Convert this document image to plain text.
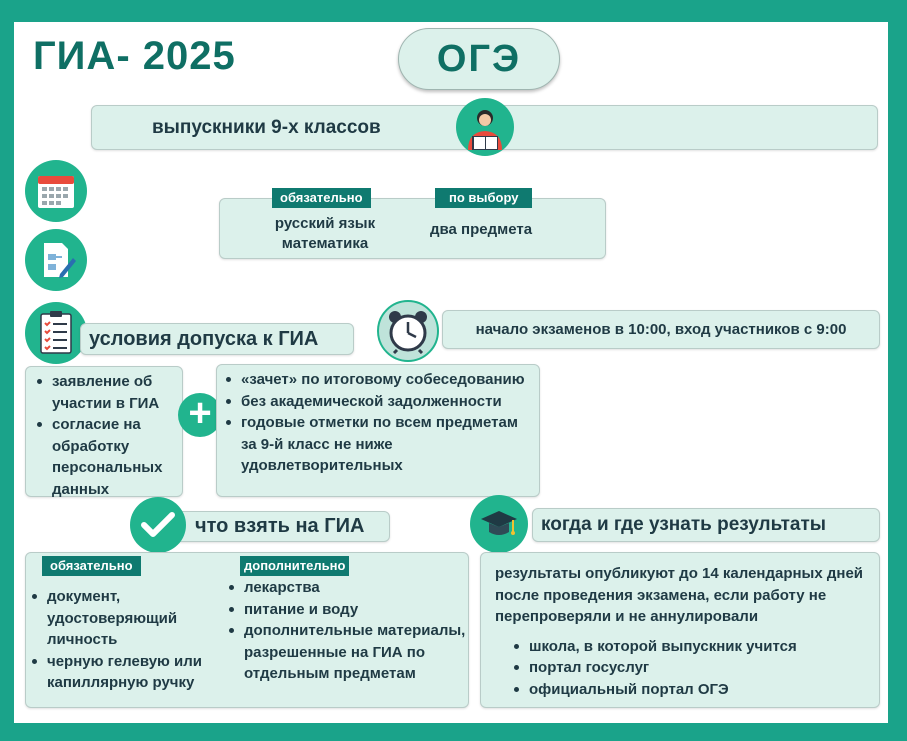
ГИА- 2025	ОГЭ
выпускники 9-х классов
обязательно	по выбору
русский язык
математика
два предмета
условия допуска к ГИА	начало экзаменов в 10:00, вход участников с 9:00
заявление об участии в ГИА
согласие на обработку персональных данных
+
«зачет» по итоговому собеседованию
без академической задолженности
годовые отметки по всем предметам за 9-й класс не ниже удовлетворительных
что взять на ГИА
обязательно	дополнительно
документ, удостоверяющий личность
черную гелевую или капиллярную ручку
лекарства
питание и воду
дополнительные материалы, разрешенные на ГИА по отдельным предметам
когда и где узнать результаты
результаты опубликуют до 14 календарных дней после проведения экзамена, если работу не перепроверяли и не аннулировали
школа, в которой выпускник учится
портал госуслуг
официальный портал ОГЭ
